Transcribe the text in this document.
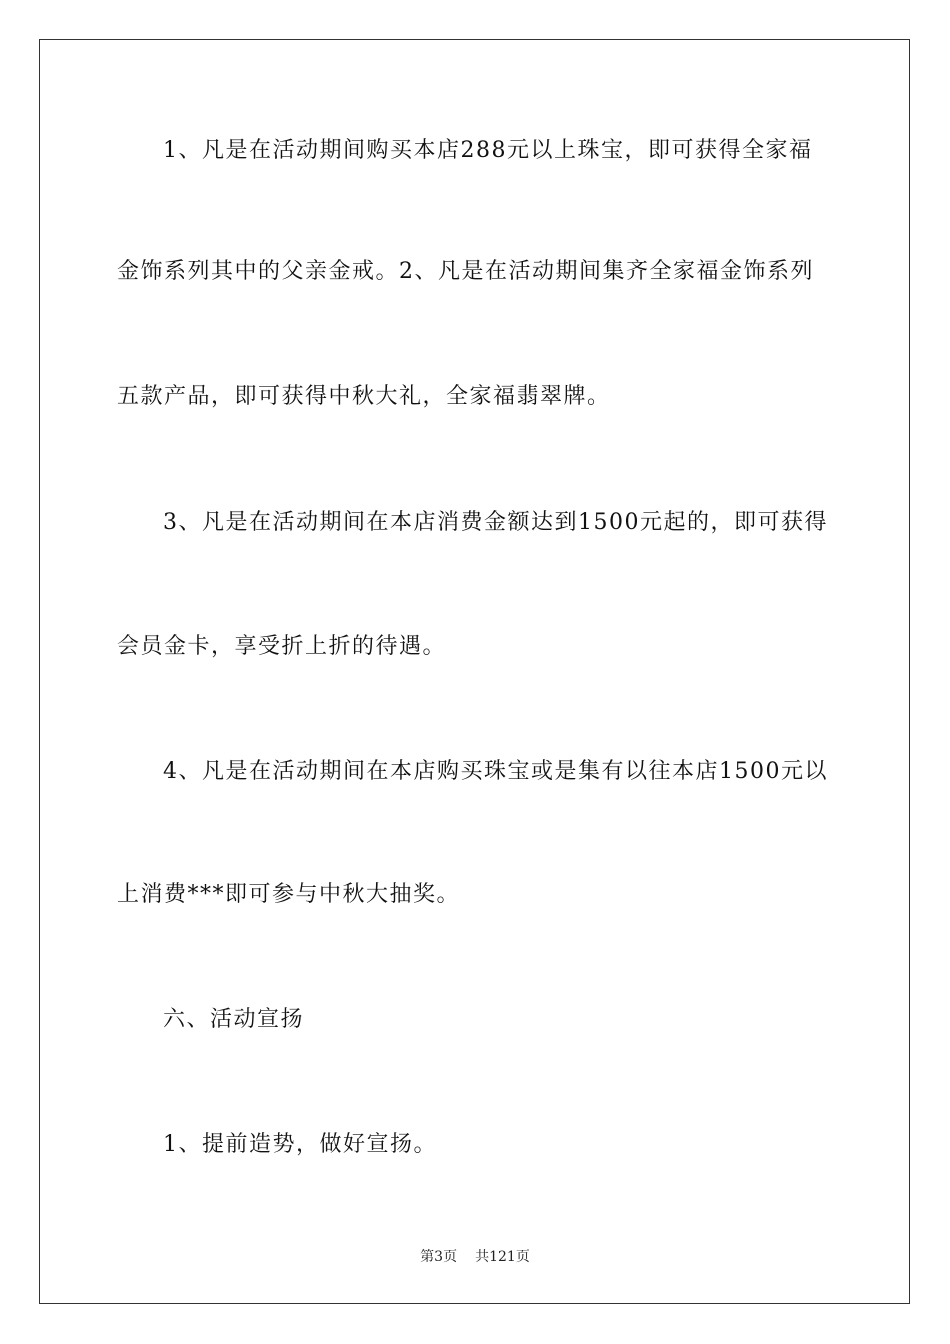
1、凡是在活动期间购买本店288元以上珠宝，即可获得全家福
金饰系列其中的父亲金戒。2、凡是在活动期间集齐全家福金饰系列
五款产品，即可获得中秋大礼，全家福翡翠牌。
3、凡是在活动期间在本店消费金额达到1500元起的，即可获得
会员金卡，享受折上折的待遇。
4、凡是在活动期间在本店购买珠宝或是集有以往本店1500元以
上消费***即可参与中秋大抽奖。
六、活动宣扬
1、提前造势，做好宣扬。
第3页 共121页
